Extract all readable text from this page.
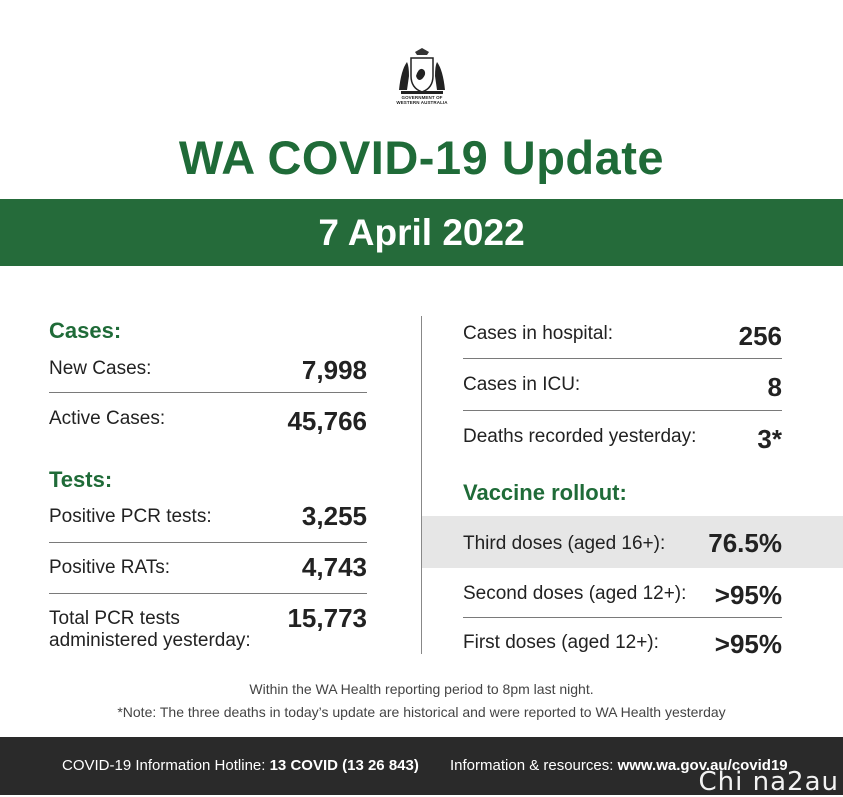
GOVERNMENT OF
WESTERN AUSTRALIA
WA COVID-19 Update
7 April 2022
Cases:
New Cases:	7,998
Active Cases:	45,766
Tests:
Positive PCR tests:	3,255
Positive RATs:	4,743
Total PCR tests
administered yesterday:
15,773
Cases in hospital:	256
Cases in ICU:	8
Deaths recorded yesterday: 3*
Vaccine rollout:
Third doses (aged 16+): 76.5%
Second doses (aged 12+): >95%
First doses (aged 12+): >95%
Within the WA Health reporting period to 8pm last night.
*Note: The three deaths in today’s update are historical and were reported to WA Health yesterday
COVID-19 Information Hotline: 13 COVID (13 26 843) Information & resources: www.wa.gov.au/covid19
Chi na2au
